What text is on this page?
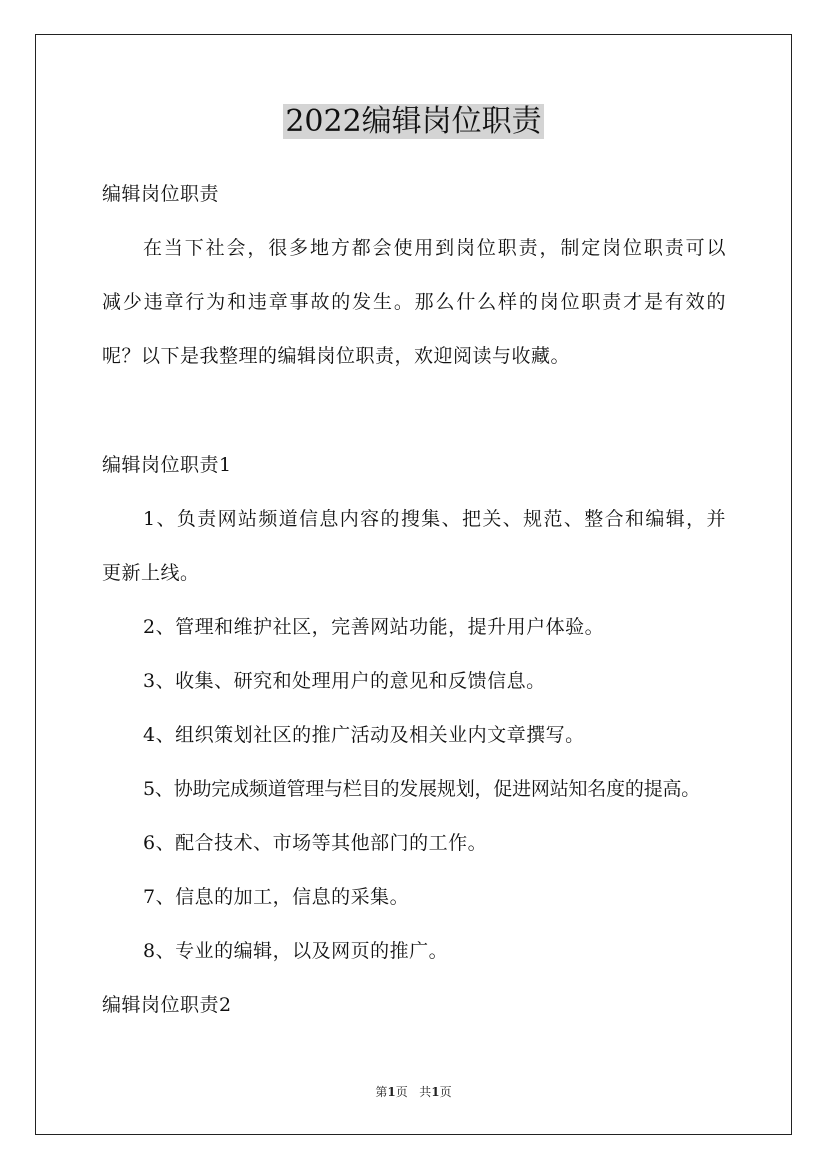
2022编辑岗位职责
编辑岗位职责
在当下社会，很多地方都会使用到岗位职责，制定岗位职责可以
减少违章行为和违章事故的发生。那么什么样的岗位职责才是有效的
呢？以下是我整理的编辑岗位职责，欢迎阅读与收藏。
编辑岗位职责1
1、负责网站频道信息内容的搜集、把关、规范、整合和编辑，并
更新上线。
2、管理和维护社区，完善网站功能，提升用户体验。
3、收集、研究和处理用户的意见和反馈信息。
4、组织策划社区的推广活动及相关业内文章撰写。
5、协助完成频道管理与栏目的发展规划，促进网站知名度的提高。
6、配合技术、市场等其他部门的工作。
7、信息的加工，信息的采集。
8、专业的编辑，以及网页的推广。
编辑岗位职责2
第1页 共1页
